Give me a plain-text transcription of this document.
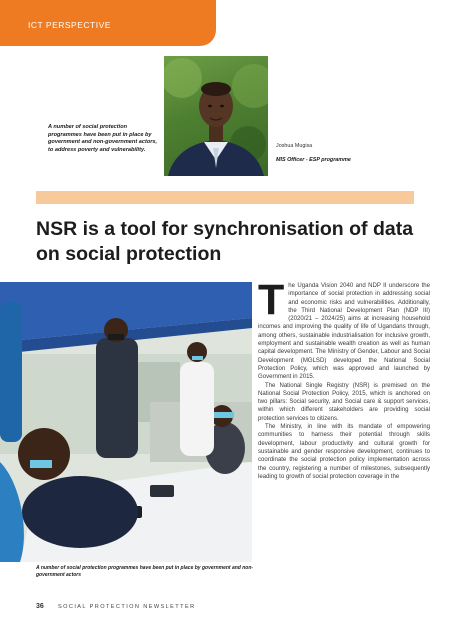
ICT PERSPECTIVE
A number of social protection programmes have been put in place by government and non-government actors, to address poverty and vulnerability.
Joshua Mugisa
MIS Officer - ESP programme
NSR is a tool for synchronisation of data on social protection
A number of social protection programmes have been put in place by government and non-government actors
T he Uganda Vision 2040 and NDP II underscore the importance of social protection in addressing social and economic risks and vulnerabilities. Additionally, the Third National Development Plan (NDP III) (2020/21 – 2024/25) aims at increasing household incomes and improving the quality of life of Ugandans through, among others, sustainable industrialisation for inclusive growth, employment and sustainable wealth creation as well as human capital development. The Ministry of Gender, Labour and Social Development (MGLSD) developed the National Social Protection Policy, which was approved and launched by Government in 2015.

The National Single Registry (NSR) is premised on the National Social Protection Policy, 2015, which is anchored on two pillars: Social security, and Social care & support services, within which different stakeholders are providing social protection services to citizens.

The Ministry, in line with its mandate of empowering communities to harness their potential through skills development, labour productivity and cultural growth for sustainable and gender responsive development, continues to coordinate the social protection policy implementation across the country, registering a number of milestones, subsequently leading to growth of social protection coverage in the

36	SOCIAL PROTECTION NEWSLETTER
